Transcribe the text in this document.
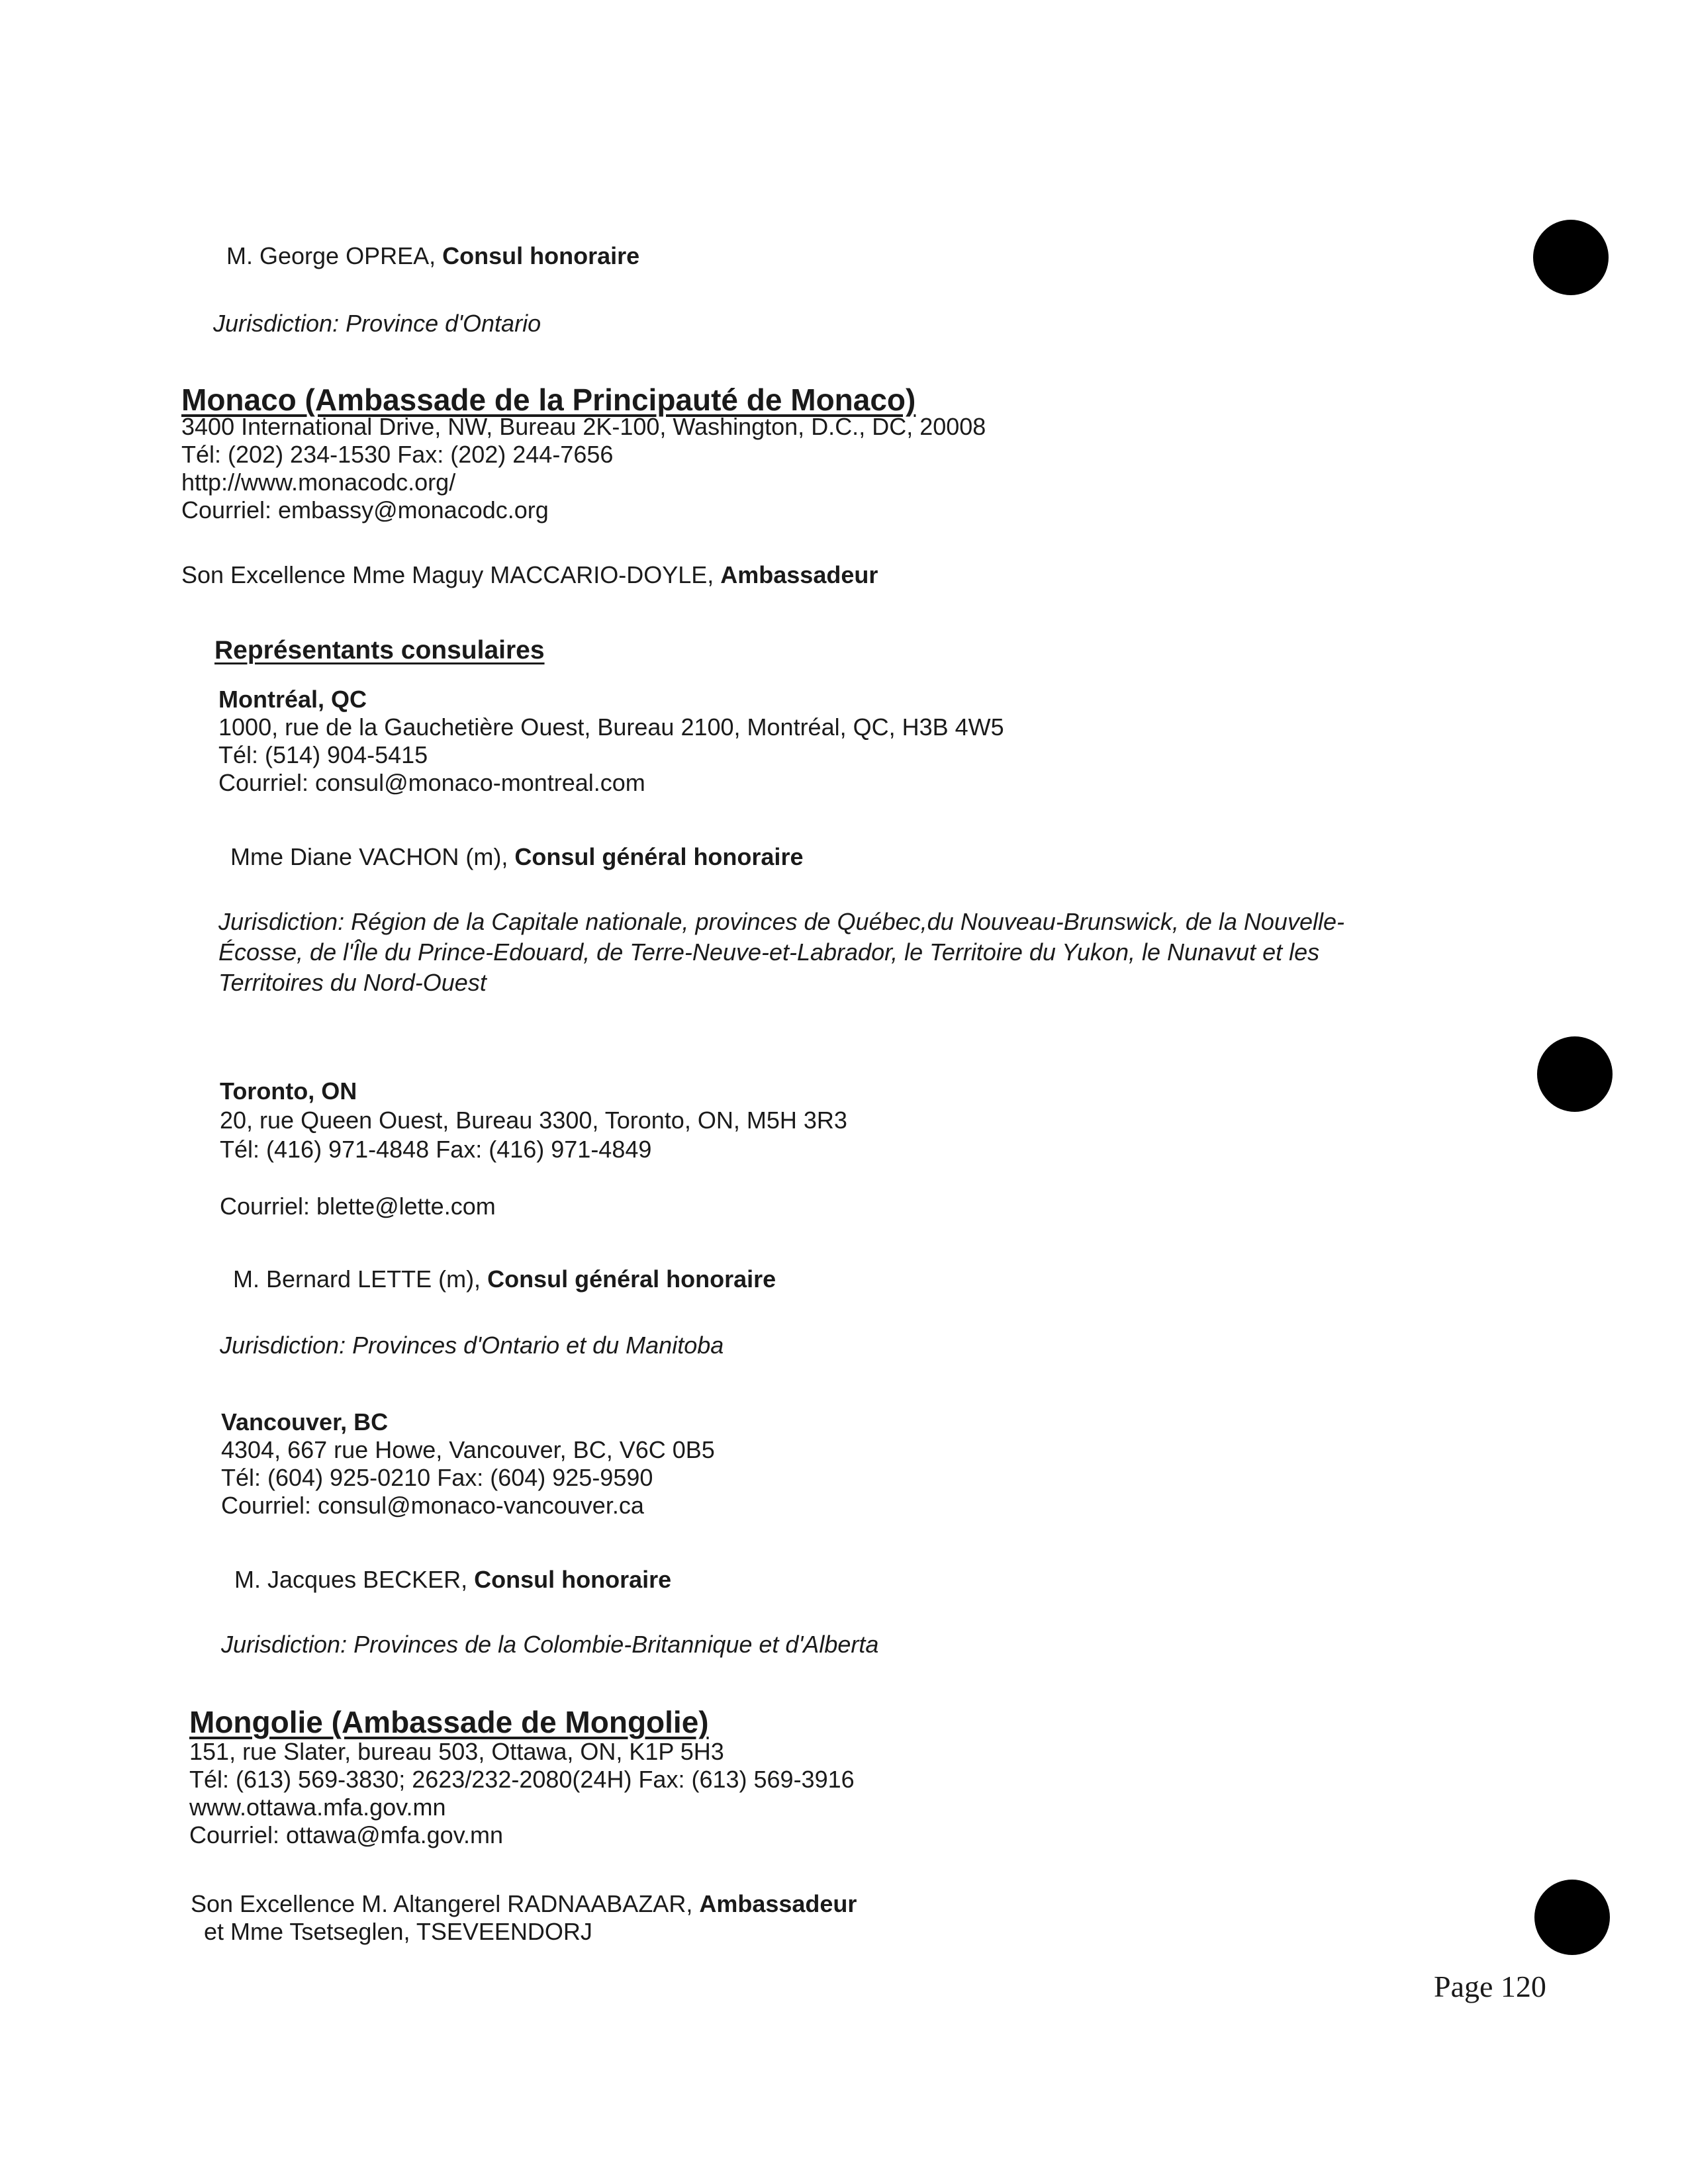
M. George OPREA, Consul honoraire
Jurisdiction: Province d'Ontario
Monaco (Ambassade de la Principauté de Monaco)
3400 International Drive, NW, Bureau 2K-100, Washington, D.C., DC, 20008
Tél: (202) 234-1530 Fax: (202) 244-7656
http://www.monacodc.org/
Courriel: embassy@monacodc.org
Son Excellence Mme Maguy MACCARIO-DOYLE, Ambassadeur
Représentants consulaires
Montréal, QC
1000, rue de la Gauchetière Ouest, Bureau 2100, Montréal, QC, H3B 4W5
Tél: (514) 904-5415
Courriel: consul@monaco-montreal.com
Mme Diane VACHON (m), Consul général honoraire
Jurisdiction: Région de la Capitale nationale, provinces de Québec,du Nouveau-Brunswick, de la Nouvelle-
Écosse, de l'Île du Prince-Edouard, de Terre-Neuve-et-Labrador, le Territoire du Yukon, le Nunavut et les
Territoires du Nord-Ouest
Toronto, ON
20, rue Queen Ouest, Bureau 3300, Toronto, ON, M5H 3R3
Tél: (416) 971-4848 Fax: (416) 971-4849
Courriel: blette@lette.com
M. Bernard LETTE (m), Consul général honoraire
Jurisdiction: Provinces d'Ontario et du Manitoba
Vancouver, BC
4304, 667 rue Howe, Vancouver, BC, V6C 0B5
Tél: (604) 925-0210 Fax: (604) 925-9590
Courriel: consul@monaco-vancouver.ca
M. Jacques BECKER, Consul honoraire
Jurisdiction: Provinces de la Colombie-Britannique et d'Alberta
Mongolie (Ambassade de Mongolie)
151, rue Slater, bureau 503, Ottawa, ON, K1P 5H3
Tél: (613) 569-3830; 2623/232-2080(24H) Fax: (613) 569-3916
www.ottawa.mfa.gov.mn
Courriel: ottawa@mfa.gov.mn
Son Excellence M. Altangerel RADNAABAZAR, Ambassadeur
et Mme Tsetseglen, TSEVEENDORJ
Page 120
